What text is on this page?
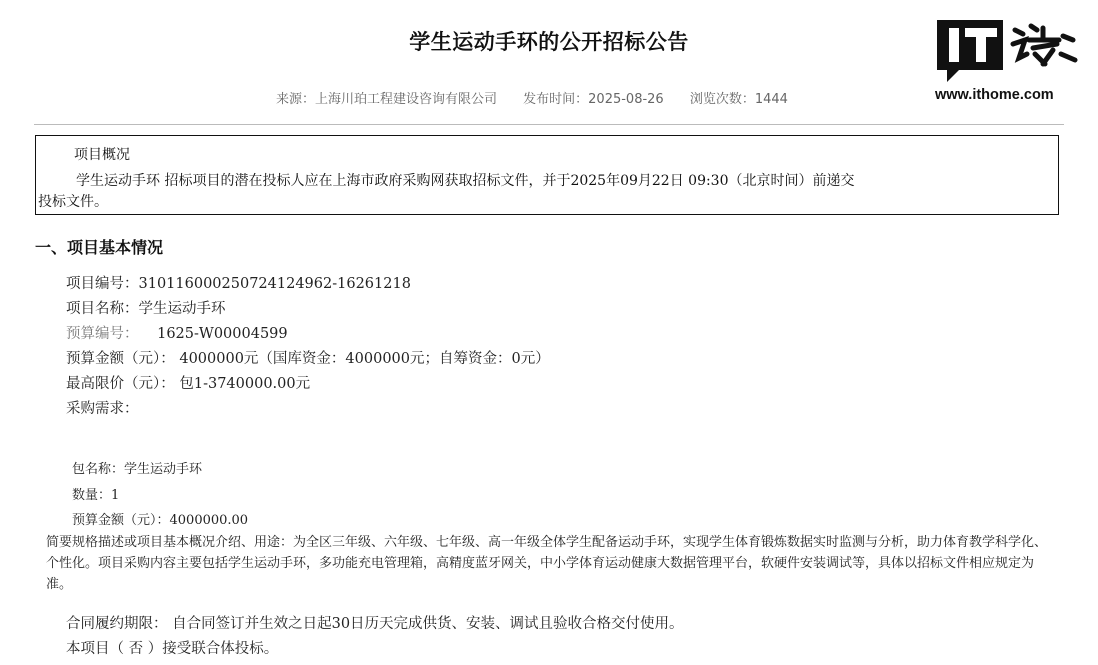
学生运动手环的公开招标公告
来源：上海川珀工程建设咨询有限公司 发布时间：2025-08-26 浏览次数：1444	www.ithome.com
项目概况
学生运动手环 招标项目的潜在投标人应在上海市政府采购网获取招标文件，并于2025年09月22日 09:30（北京时间）前递交
投标文件。
一、项目基本情况
项目编号：310116000250724124962-16261218
项目名称：学生运动手环
预算编号： 1625-W00004599
预算金额（元）： 4000000元（国库资金：4000000元；自筹资金：0元）
最高限价（元）： 包1-3740000.00元
采购需求：
包名称：学生运动手环
数量：1
预算金额（元）：4000000.00
简要规格描述或项目基本概况介绍、用途：为全区三年级、六年级、七年级、高一年级全体学生配备运动手环，实现学生体育锻炼数据实时监测与分析，助力体育教学科学化、个性化。项目采购内容主要包括学生运动手环，多功能充电管理箱，高精度蓝牙网关，中小学体育运动健康大数据管理平台，软硬件安装调试等，具体以招标文件相应规定为准。
合同履约期限： 自合同签订并生效之日起30日历天完成供货、安装、调试且验收合格交付使用。
本项目（ 否 ）接受联合体投标。
